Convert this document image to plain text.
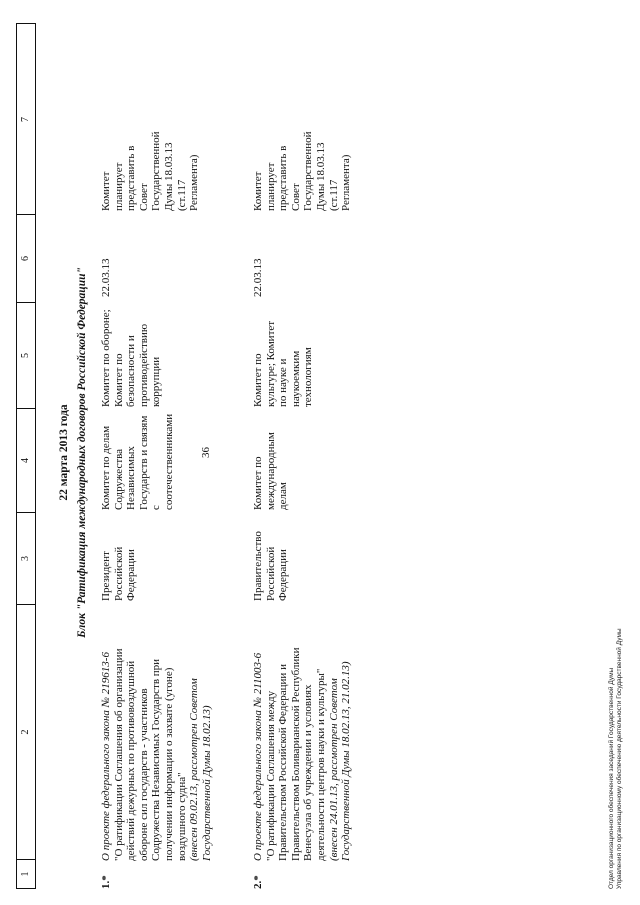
36
1
2
3
4
5
6
7
22 марта 2013 года Блок "Ратификация международных договоров Российской Федерации"
1.*
О проекте федерального закона № 219613-6 "О ратификации Соглашения об организации действий дежурных по противовоздушной обороне сил государств - участников Содружества Независимых Государств при получении информации о захвате (угоне) воздушного судна" (внесен 09.02.13, рассмотрен Советом Государственной Думы 18.02.13)
Президент Российской Федерации
Комитет по делам Содружества Независимых Государств и связям с соотечественниками
Комитет по обороне; Комитет по безопасности и противодействию коррупции
22.03.13
Комитет планирует представить в Совет Государственной Думы 18.03.13 (ст.117 Регламента)
2.*
О проекте федерального закона № 211003-6 "О ратификации Соглашения между Правительством Российской Федерации и Правительством Боливарианской Республики Венесуэла об учреждении и условиях деятельности центров науки и культуры" (внесен 24.01.13, рассмотрен Советом Государственной Думы 18.02.13, 21.02.13)
Правительство Российской Федерации
Комитет по международным делам
Комитет по культуре; Комитет по науке и наукоемким технологиям
22.03.13
Комитет планирует представить в Совет Государственной Думы 18.03.13 (ст.117 Регламента)
Отдел организационного обеспечения заседаний Государственной Думы Управления по организационному обеспечению деятельности Государственной Думы
